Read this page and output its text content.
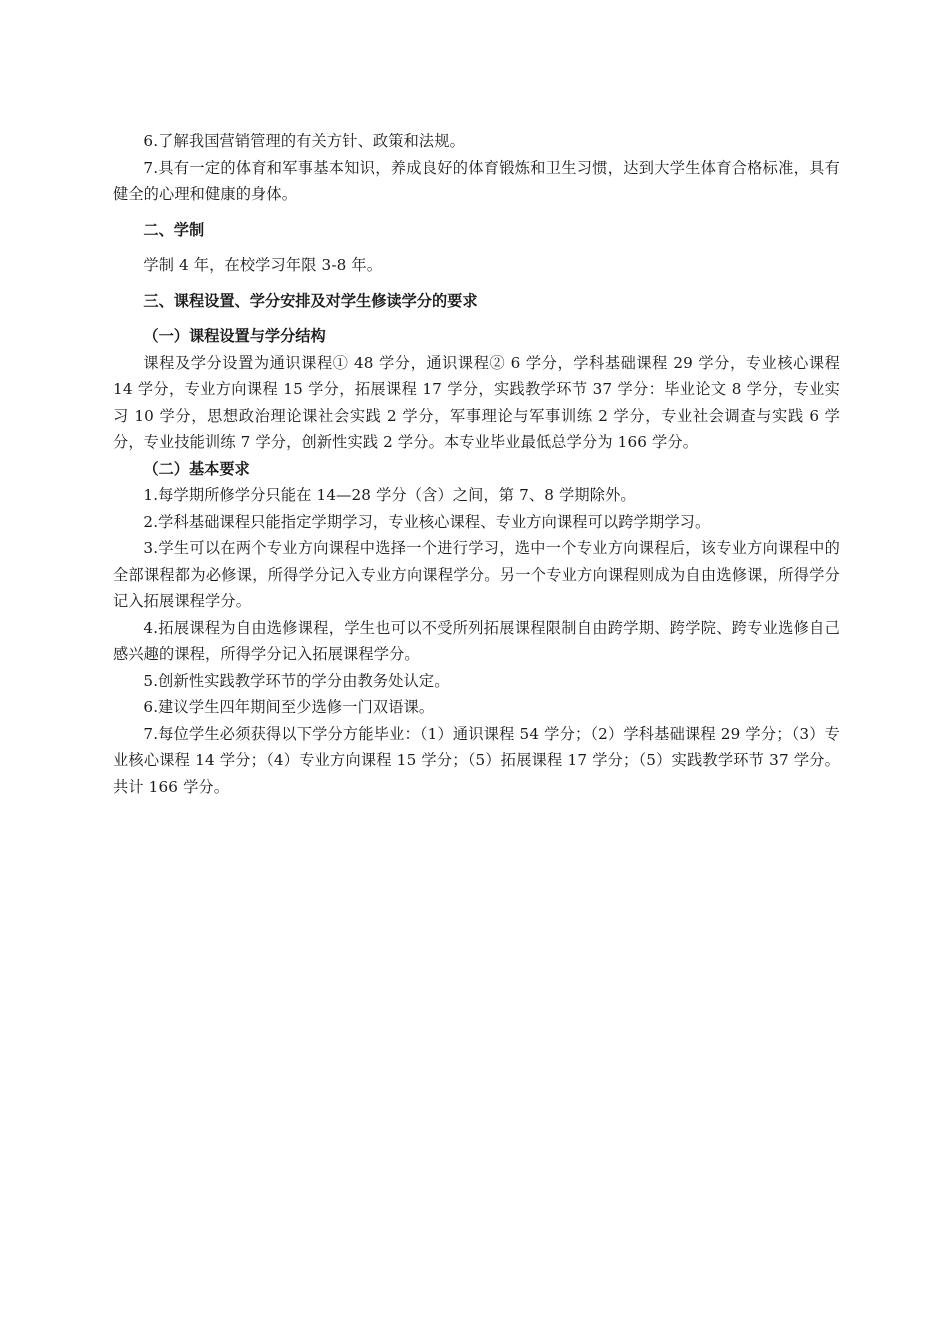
6.了解我国营销管理的有关方针、政策和法规。

7.具有一定的体育和军事基本知识，养成良好的体育锻炼和卫生习惯，达到大学生体育合格标准，具有健全的心理和健康的身体。

二、学制

学制 4 年，在校学习年限 3-8 年。

三、课程设置、学分安排及对学生修读学分的要求

（一）课程设置与学分结构

课程及学分设置为通识课程① 48 学分，通识课程② 6 学分，学科基础课程 29 学分，专业核心课程 14 学分，专业方向课程 15 学分，拓展课程 17 学分，实践教学环节 37 学分：毕业论文 8 学分，专业实习 10 学分，思想政治理论课社会实践 2 学分，军事理论与军事训练 2 学分，专业社会调查与实践 6 学分，专业技能训练 7 学分，创新性实践 2 学分。本专业毕业最低总学分为 166 学分。

（二）基本要求

1.每学期所修学分只能在 14—28 学分（含）之间，第 7、8 学期除外。

2.学科基础课程只能指定学期学习，专业核心课程、专业方向课程可以跨学期学习。

3.学生可以在两个专业方向课程中选择一个进行学习，选中一个专业方向课程后，该专业方向课程中的全部课程都为必修课，所得学分记入专业方向课程学分。另一个专业方向课程则成为自由选修课，所得学分记入拓展课程学分。

4.拓展课程为自由选修课程，学生也可以不受所列拓展课程限制自由跨学期、跨学院、跨专业选修自己感兴趣的课程，所得学分记入拓展课程学分。

5.创新性实践教学环节的学分由教务处认定。

6.建议学生四年期间至少选修一门双语课。

7.每位学生必须获得以下学分方能毕业：（1）通识课程 54 学分；（2）学科基础课程 29 学分；（3）专业核心课程 14 学分；（4）专业方向课程 15 学分；（5）拓展课程 17 学分；（5）实践教学环节 37 学分。共计 166 学分。
